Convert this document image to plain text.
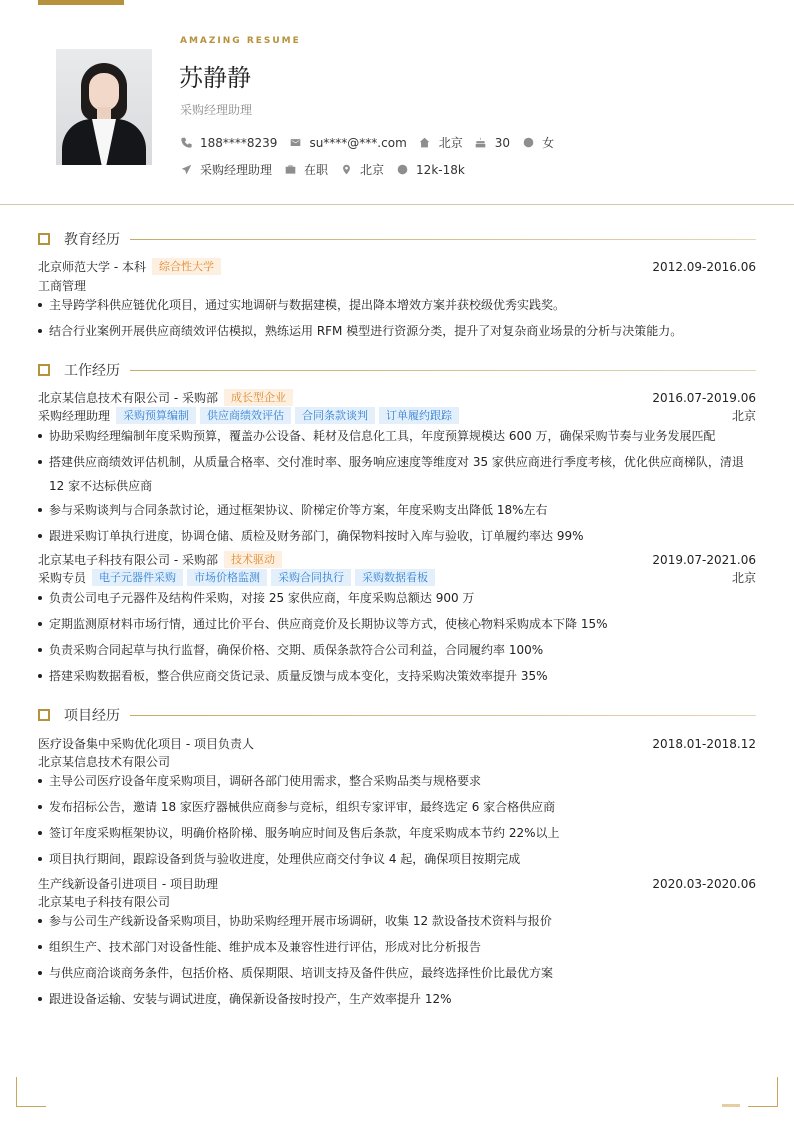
AMAZING RESUME
苏静静
采购经理助理
188****8239	su****@***.com	北京	30	女
采购经理助理	在职	北京	12k-18k
教育经历
北京师范大学 - 本科	综合性大学	2012.09-2016.06
工商管理
主导跨学科供应链优化项目，通过实地调研与数据建模，提出降本增效方案并获校级优秀实践奖。
结合行业案例开展供应商绩效评估模拟，熟练运用 RFM 模型进行资源分类，提升了对复杂商业场景的分析与决策能力。
工作经历
北京某信息技术有限公司 - 采购部	成长型企业	2016.07-2019.06
采购经理助理	采购预算编制	供应商绩效评估	合同条款谈判	订单履约跟踪	北京
协助采购经理编制年度采购预算，覆盖办公设备、耗材及信息化工具，年度预算规模达 600 万，确保采购节奏与业务发展匹配
搭建供应商绩效评估机制，从质量合格率、交付准时率、服务响应速度等维度对 35 家供应商进行季度考核，优化供应商梯队，清退 12 家不达标供应商
参与采购谈判与合同条款讨论，通过框架协议、阶梯定价等方案，年度采购支出降低 18%左右
跟进采购订单执行进度，协调仓储、质检及财务部门，确保物料按时入库与验收，订单履约率达 99%
北京某电子科技有限公司 - 采购部	技术驱动	2019.07-2021.06
采购专员	电子元器件采购	市场价格监测	采购合同执行	采购数据看板	北京
负责公司电子元器件及结构件采购，对接 25 家供应商，年度采购总额达 900 万
定期监测原材料市场行情，通过比价平台、供应商竞价及长期协议等方式，使核心物料采购成本下降 15%
负责采购合同起草与执行监督，确保价格、交期、质保条款符合公司利益，合同履约率 100%
搭建采购数据看板，整合供应商交货记录、质量反馈与成本变化，支持采购决策效率提升 35%
项目经历
医疗设备集中采购优化项目 - 项目负责人	2018.01-2018.12
北京某信息技术有限公司
主导公司医疗设备年度采购项目，调研各部门使用需求，整合采购品类与规格要求
发布招标公告，邀请 18 家医疗器械供应商参与竞标，组织专家评审，最终选定 6 家合格供应商
签订年度采购框架协议，明确价格阶梯、服务响应时间及售后条款，年度采购成本节约 22%以上
项目执行期间，跟踪设备到货与验收进度，处理供应商交付争议 4 起，确保项目按期完成
生产线新设备引进项目 - 项目助理	2020.03-2020.06
北京某电子科技有限公司
参与公司生产线新设备采购项目，协助采购经理开展市场调研，收集 12 款设备技术资料与报价
组织生产、技术部门对设备性能、维护成本及兼容性进行评估，形成对比分析报告
与供应商洽谈商务条件，包括价格、质保期限、培训支持及备件供应，最终选择性价比最优方案
跟进设备运输、安装与调试进度，确保新设备按时投产，生产效率提升 12%
